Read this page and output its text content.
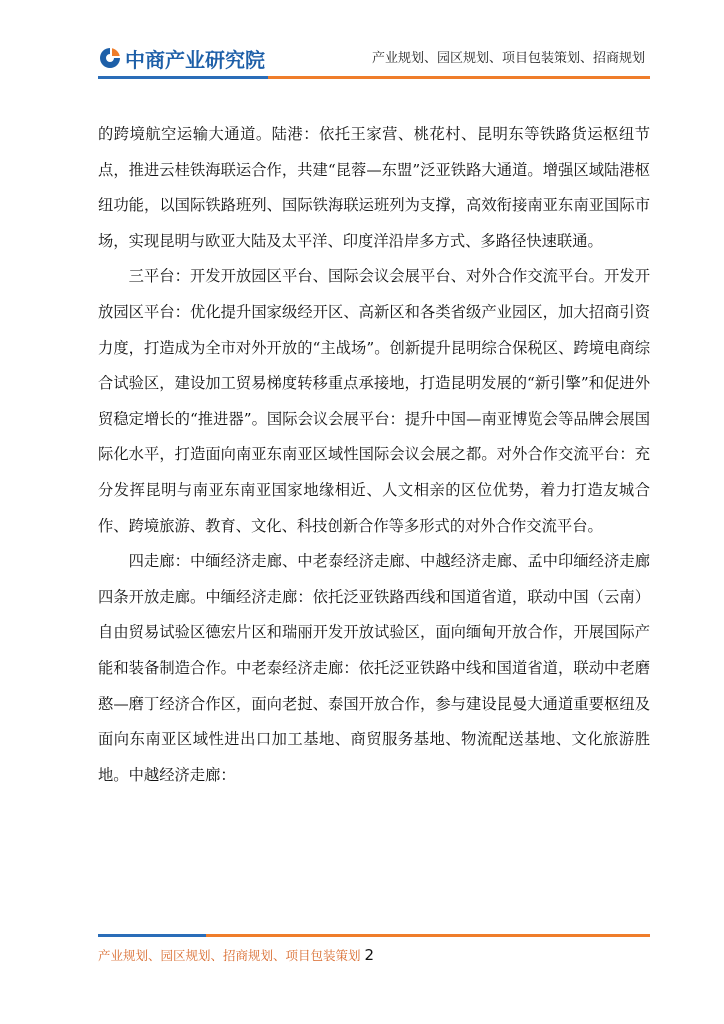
中商产业研究院	产业规划、园区规划、项目包装策划、招商规划

的跨境航空运输大通道。陆港：依托王家营、桃花村、昆明东等铁路货运枢纽节点，推进云桂铁海联运合作，共建“昆蓉—东盟”泛亚铁路大通道。增强区域陆港枢纽功能，以国际铁路班列、国际铁海联运班列为支撑，高效衔接南亚东南亚国际市场，实现昆明与欧亚大陆及太平洋、印度洋沿岸多方式、多路径快速联通。

三平台：开发开放园区平台、国际会议会展平台、对外合作交流平台。开发开放园区平台：优化提升国家级经开区、高新区和各类省级产业园区，加大招商引资力度，打造成为全市对外开放的“主战场”。创新提升昆明综合保税区、跨境电商综合试验区，建设加工贸易梯度转移重点承接地，打造昆明发展的“新引擎”和促进外贸稳定增长的“推进器”。国际会议会展平台：提升中国—南亚博览会等品牌会展国际化水平，打造面向南亚东南亚区域性国际会议会展之都。对外合作交流平台：充分发挥昆明与南亚东南亚国家地缘相近、人文相亲的区位优势，着力打造友城合作、跨境旅游、教育、文化、科技创新合作等多形式的对外合作交流平台。

四走廊：中缅经济走廊、中老泰经济走廊、中越经济走廊、孟中印缅经济走廊四条开放走廊。中缅经济走廊：依托泛亚铁路西线和国道省道，联动中国（云南）自由贸易试验区德宏片区和瑞丽开发开放试验区，面向缅甸开放合作，开展国际产能和装备制造合作。中老泰经济走廊：依托泛亚铁路中线和国道省道，联动中老磨憨—磨丁经济合作区，面向老挝、泰国开放合作，参与建设昆曼大通道重要枢纽及面向东南亚区域性进出口加工基地、商贸服务基地、物流配送基地、文化旅游胜地。中越经济走廊：

产业规划、园区规划、招商规划、项目包装策划 2
